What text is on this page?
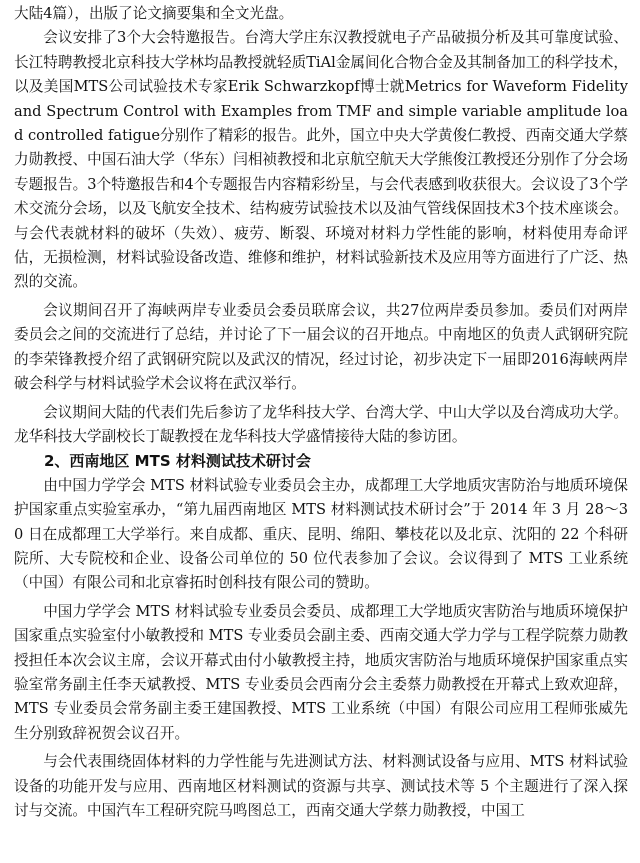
大陆4篇），出版了论文摘要集和全文光盘。

会议安排了3个大会特邀报告。台湾大学庄东汉教授就电子产品破损分析及其可靠度试验、长江特聘教授北京科技大学林均品教授就轻质TiAl金属间化合物合金及其制备加工的科学技术，以及美国MTS公司试验技术专家Erik Schwarzkopf博士就Metrics for Waveform Fidelity and Spectrum Control with Examples from TMF and simple variable amplitude load controlled fatigue分别作了精彩的报告。此外，国立中央大学黄俊仁教授、西南交通大学蔡力勋教授、中国石油大学（华东）闫相祯教授和北京航空航天大学熊俊江教授还分别作了分会场专题报告。3个特邀报告和4个专题报告内容精彩纷呈，与会代表感到收获很大。会议设了3个学术交流分会场，以及飞航安全技术、结构疲劳试验技术以及油气管线保固技术3个技术座谈会。与会代表就材料的破坏（失效）、疲劳、断裂、环境对材料力学性能的影响，材料使用寿命评估，无损检测，材料试验设备改造、维修和维护，材料试验新技术及应用等方面进行了广泛、热烈的交流。

会议期间召开了海峡两岸专业委员会委员联席会议，共27位两岸委员参加。委员们对两岸委员会之间的交流进行了总结，并讨论了下一届会议的召开地点。中南地区的负责人武钢研究院的李荣锋教授介绍了武钢研究院以及武汉的情况，经过讨论，初步决定下一届即2016海峡两岸破会科学与材料试验学术会议将在武汉举行。

会议期间大陆的代表们先后参访了龙华科技大学、台湾大学、中山大学以及台湾成功大学。龙华科技大学副校长丁龊教授在龙华科技大学盛情接待大陆的参访团。

2、西南地区 MTS 材料测试技术研讨会

由中国力学学会 MTS 材料试验专业委员会主办，成都理工大学地质灾害防治与地质环境保护国家重点实验室承办，“第九届西南地区 MTS 材料测试技术研讨会”于 2014 年 3 月 28～30 日在成都理工大学举行。来自成都、重庆、昆明、绵阳、攀枝花以及北京、沈阳的 22 个科研院所、大专院校和企业、设备公司单位的 50 位代表参加了会议。会议得到了 MTS 工业系统（中国）有限公司和北京睿拓时创科技有限公司的赞助。

中国力学学会 MTS 材料试验专业委员会委员、成都理工大学地质灾害防治与地质环境保护国家重点实验室付小敏教授和 MTS 专业委员会副主委、西南交通大学力学与工程学院蔡力勋教授担任本次会议主席，会议开幕式由付小敏教授主持，地质灾害防治与地质环境保护国家重点实验室常务副主任李天斌教授、MTS 专业委员会西南分会主委蔡力勋教授在开幕式上致欢迎辞，MTS 专业委员会常务副主委王建国教授、MTS 工业系统（中国）有限公司应用工程师张威先生分别致辞祝贺会议召开。

与会代表围绕固体材料的力学性能与先进测试方法、材料测试设备与应用、MTS 材料试验设备的功能开发与应用、西南地区材料测试的资源与共享、测试技术等 5 个主题进行了深入探讨与交流。中国汽车工程研究院马鸣图总工，西南交通大学蔡力勋教授，中国工
